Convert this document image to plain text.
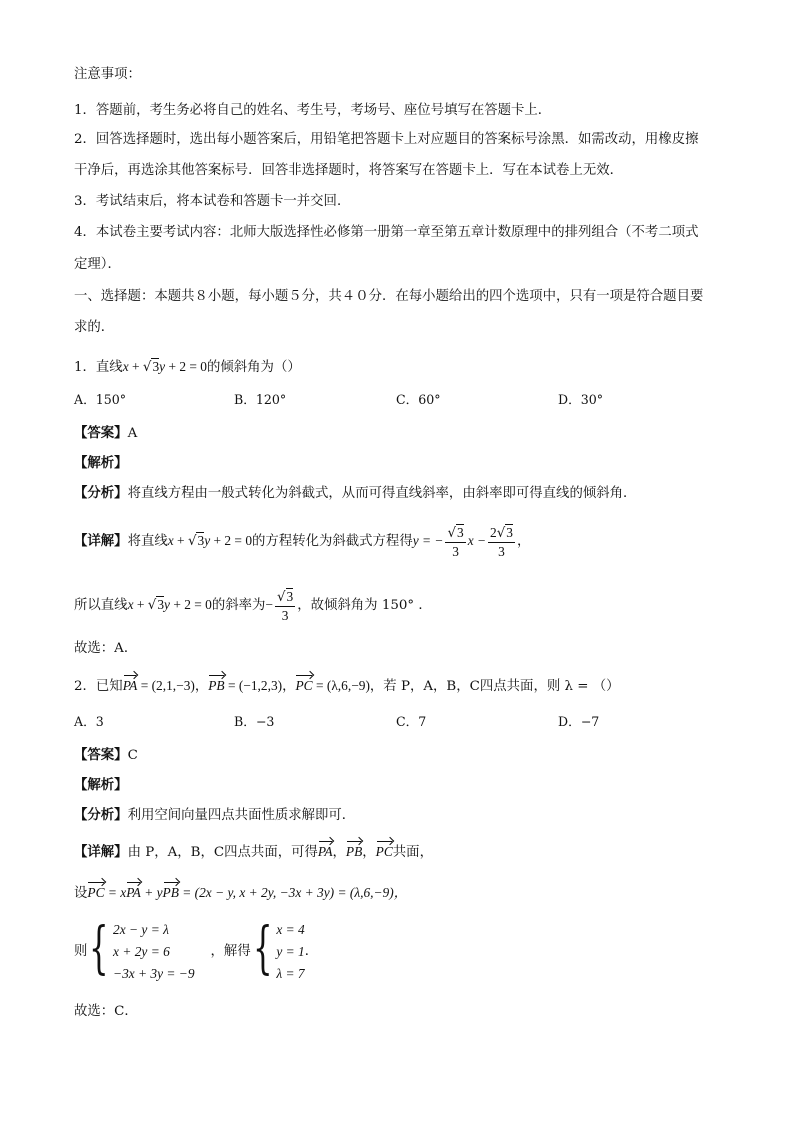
注意事项：
1．答题前，考生务必将自己的姓名、考生号，考场号、座位号填写在答题卡上．
2．回答选择题时，选出每小题答案后，用铅笔把答题卡上对应题目的答案标号涂黑．如需改动，用橡皮擦
干净后，再选涂其他答案标号．回答非选择题时，将答案写在答题卡上．写在本试卷上无效．
3．考试结束后，将本试卷和答题卡一并交回．
4．本试卷主要考试内容：北师大版选择性必修第一册第一章至第五章计数原理中的排列组合（不考二项式
定理）．
一、选择题：本题共８小题，每小题５分，共４０分．在每小题给出的四个选项中，只有一项是符合题目要
求的．
1．直线x + √3y + 2 = 0的倾斜角为（）
A．150°	B．120°	C．60°	D．30°
【答案】A
【解析】
【分析】将直线方程由一般式转化为斜截式，从而可得直线斜率，由斜率即可得直线的倾斜角．
【详解】将直线x + √3y + 2 = 0的方程转化为斜截式方程得y = − $\frac{√3}{3}$ $x - \frac{2√3}{3}$ ，
所以直线x + √3y + 2 = 0的斜率为− $\frac{√3}{3}$ ，故倾斜角为 150° ．
故选：A．
2．已知PA = (2,1,−3)，PB = (−1,2,3)，PC = (λ,6,−9)，若 P，A，B，C四点共面，则 λ = （）
A．3	B．−3	C．7	D．−7
【答案】C
【解析】
【分析】利用空间向量四点共面性质求解即可．
【详解】由 P，A，B，C四点共面，可得PA，PB，PC共面，
设PC = xPA + yPB = (2x − y, x + 2y, −3x + 3y) = (λ,6,−9)，
则 { 2x − y = λ
x + 2y = 6
−3x + 3y = −9
，解得 { x = 4
y = 1
λ = 7
．
故选：C．
